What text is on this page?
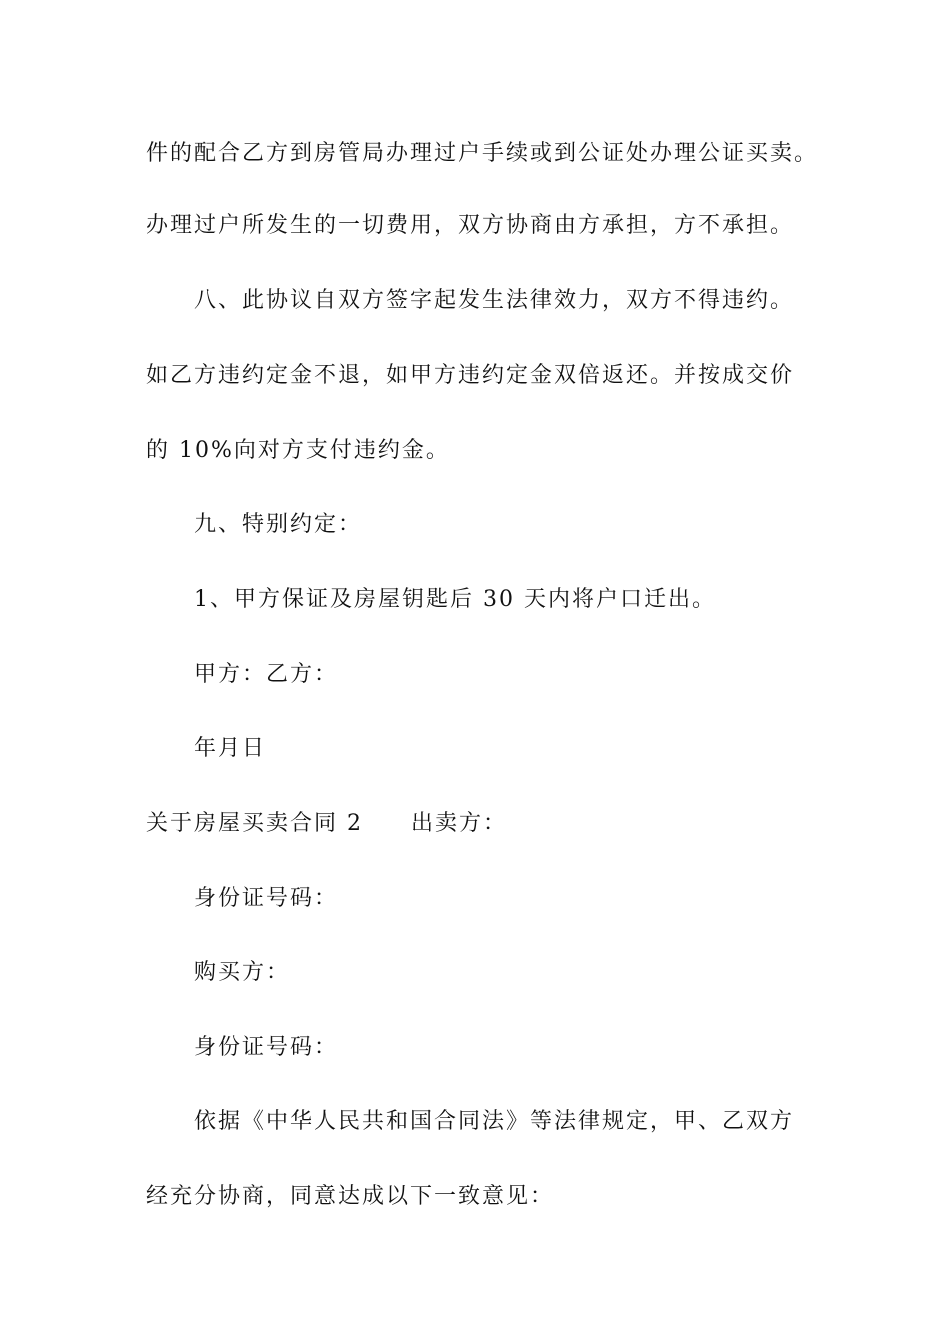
件的配合乙方到房管局办理过户手续或到公证处办理公证买卖。
办理过户所发生的一切费用，双方协商由方承担，方不承担。
八、此协议自双方签字起发生法律效力，双方不得违约。
如乙方违约定金不退，如甲方违约定金双倍返还。并按成交价
的 10%向对方支付违约金。
九、特别约定：
1、甲方保证及房屋钥匙后 30 天内将户口迁出。
甲方：乙方：
年月日
关于房屋买卖合同 2 出卖方：
身份证号码：
购买方：
身份证号码：
依据《中华人民共和国合同法》等法律规定，甲、乙双方
经充分协商，同意达成以下一致意见：
